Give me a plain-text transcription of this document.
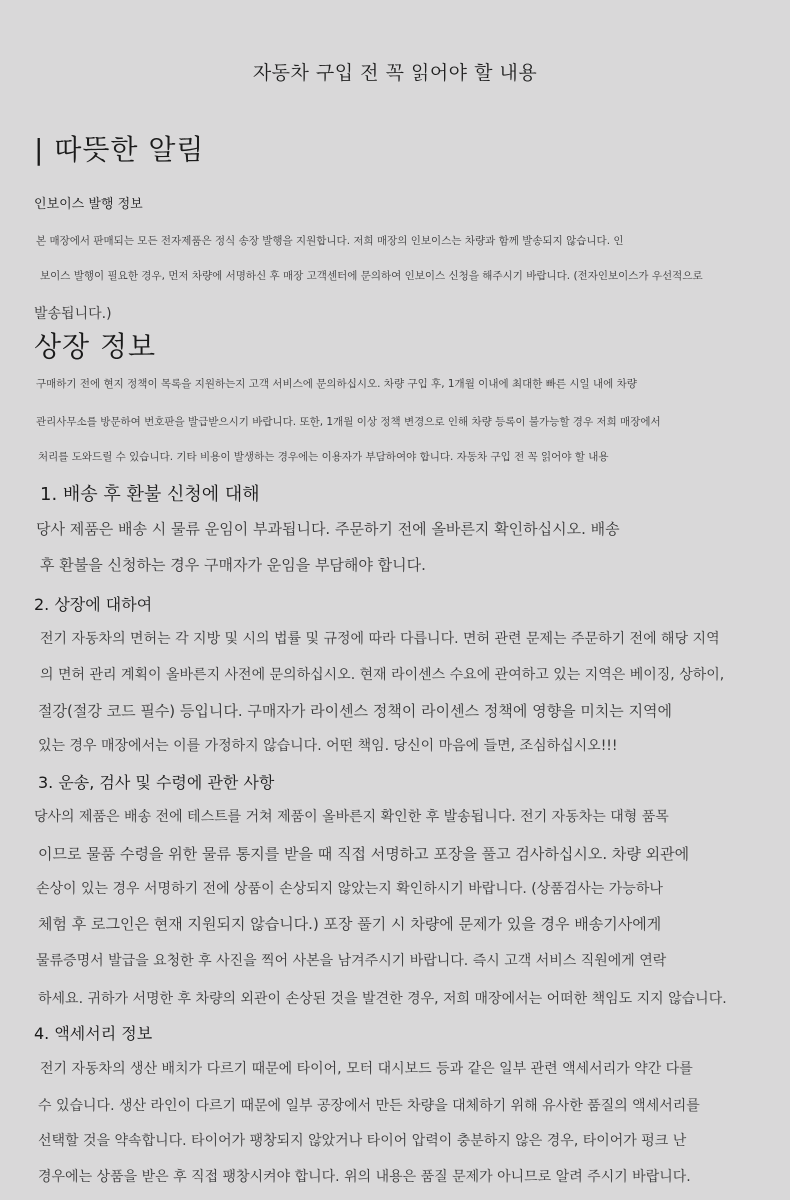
자동차 구입 전 꼭 읽어야 할 내용
| 따뜻한 알림
인보이스 발행 정보
본 매장에서 판매되는 모든 전자제품은 정식 송장 발행을 지원합니다. 저희 매장의 인보이스는 차량과 함께 발송되지 않습니다. 인
보이스 발행이 필요한 경우, 먼저 차량에 서명하신 후 매장 고객센터에 문의하여 인보이스 신청을 해주시기 바랍니다. (전자인보이스가 우선적으로
발송됩니다.)
상장 정보
구매하기 전에 현지 정책이 목록을 지원하는지 고객 서비스에 문의하십시오. 차량 구입 후, 1개월 이내에 최대한 빠른 시일 내에 차량
관리사무소를 방문하여 번호판을 발급받으시기 바랍니다. 또한, 1개월 이상 정책 변경으로 인해 차량 등록이 불가능할 경우 저희 매장에서
처리를 도와드릴 수 있습니다. 기타 비용이 발생하는 경우에는 이용자가 부담하여야 합니다. 자동차 구입 전 꼭 읽어야 할 내용
1. 배송 후 환불 신청에 대해
당사 제품은 배송 시 물류 운임이 부과됩니다. 주문하기 전에 올바른지 확인하십시오. 배송
후 환불을 신청하는 경우 구매자가 운임을 부담해야 합니다.
2. 상장에 대하여
전기 자동차의 면허는 각 지방 및 시의 법률 및 규정에 따라 다릅니다. 면허 관련 문제는 주문하기 전에 해당 지역
의 면허 관리 계획이 올바른지 사전에 문의하십시오. 현재 라이센스 수요에 관여하고 있는 지역은 베이징, 상하이,
절강(절강 코드 필수) 등입니다. 구매자가 라이센스 정책이 라이센스 정책에 영향을 미치는 지역에
있는 경우 매장에서는 이를 가정하지 않습니다. 어떤 책임. 당신이 마음에 들면, 조심하십시오!!!
3. 운송, 검사 및 수령에 관한 사항
당사의 제품은 배송 전에 테스트를 거쳐 제품이 올바른지 확인한 후 발송됩니다. 전기 자동차는 대형 품목
이므로 물품 수령을 위한 물류 통지를 받을 때 직접 서명하고 포장을 풀고 검사하십시오. 차량 외관에
손상이 있는 경우 서명하기 전에 상품이 손상되지 않았는지 확인하시기 바랍니다. (상품검사는 가능하나
체험 후 로그인은 현재 지원되지 않습니다.) 포장 풀기 시 차량에 문제가 있을 경우 배송기사에게
물류증명서 발급을 요청한 후 사진을 찍어 사본을 남겨주시기 바랍니다. 즉시 고객 서비스 직원에게 연락
하세요. 귀하가 서명한 후 차량의 외관이 손상된 것을 발견한 경우, 저희 매장에서는 어떠한 책임도 지지 않습니다.
4. 액세서리 정보
전기 자동차의 생산 배치가 다르기 때문에 타이어, 모터 대시보드 등과 같은 일부 관련 액세서리가 약간 다를
수 있습니다. 생산 라인이 다르기 때문에 일부 공장에서 만든 차량을 대체하기 위해 유사한 품질의 액세서리를
선택할 것을 약속합니다. 타이어가 팽창되지 않았거나 타이어 압력이 충분하지 않은 경우, 타이어가 펑크 난
경우에는 상품을 받은 후 직접 팽창시켜야 합니다. 위의 내용은 품질 문제가 아니므로 알려 주시기 바랍니다.
